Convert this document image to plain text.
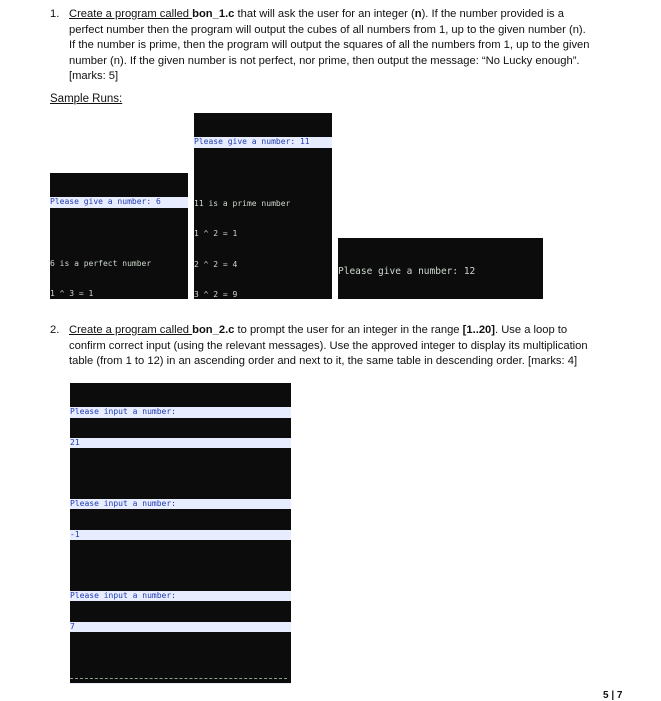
1. Create a program called bon_1.c that will ask the user for an integer (n). If the number provided is a
perfect number then the program will output the cubes of all numbers from 1, up to the given number (n).
If the number is prime, then the program will output the squares of all the numbers from 1, up to the given
number (n). If the given number is not perfect, nor prime, then output the message: “No Lucky enough”.
[marks: 5]
Sample Runs:

Please give a number: 6

6 is a perfect number

1 ^ 3 = 1

Please give a number: 11

11 is a prime number

1 ^ 2 = 1

2 ^ 2 = 4

3 ^ 2 = 9

Please give a number: 12

2. Create a program called bon_2.c to prompt the user for an integer in the range [1..20]. Use a loop to
confirm correct input (using the relevant messages). Use the approved integer to display its multiplication
table (from 1 to 12) in an ascending order and next to it, the same table in descending order. [marks: 4]

Please input a number:

21

Please input a number:

-1

Please input a number:

7

5 | 7
